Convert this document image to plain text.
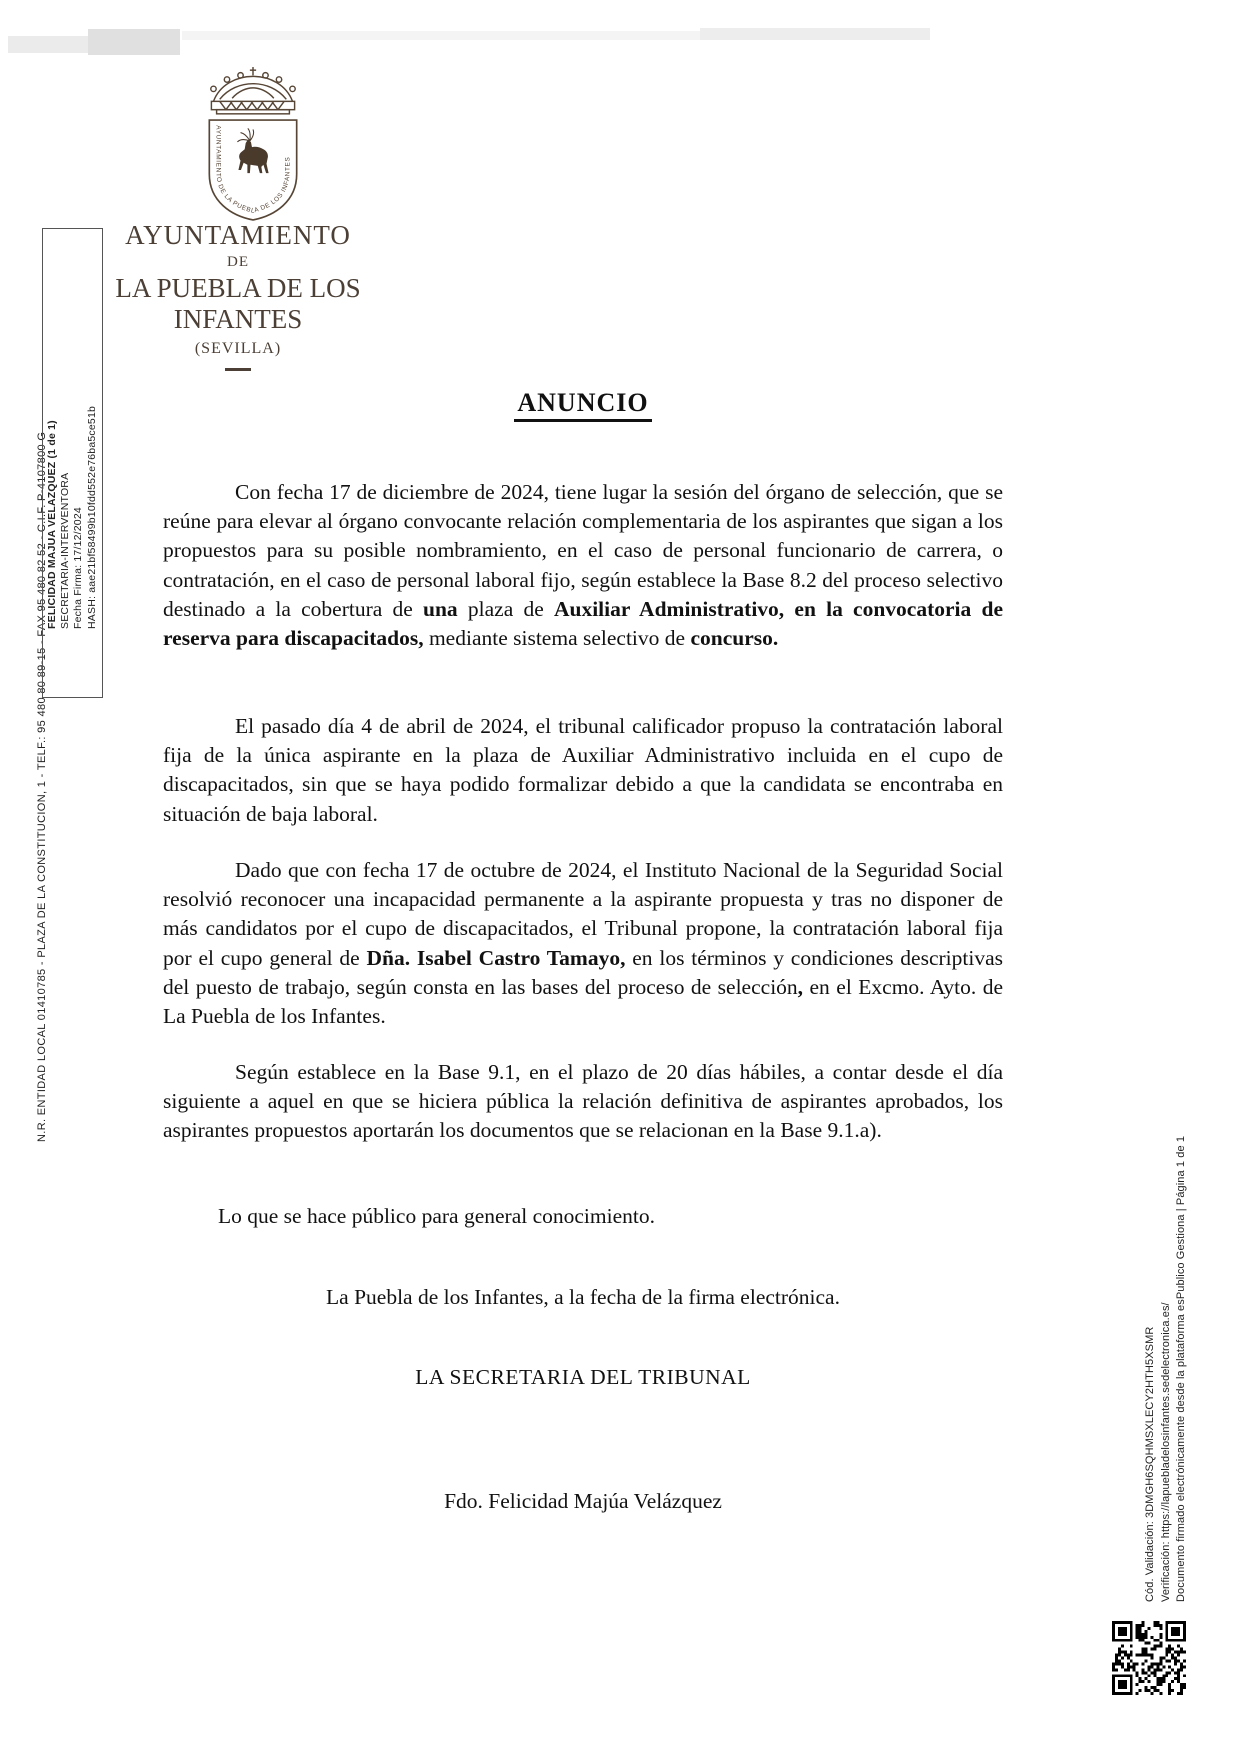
AYUNTAMIENTO DE LA PUEBLA DE LOS INFANTES
AYUNTAMIENTO
DE
LA PUEBLA DE LOS INFANTES
(SEVILLA)
N.R. ENTIDAD LOCAL 01410785 - PLAZA DE LA CONSTITUCION, 1 - TELF.: 95 480 80 89-15 - FAX 95 480 82 52 - C.I.F. P-4107800 G
FELICIDAD MAJUA VELAZQUEZ (1 de 1) SECRETARIA-INTERVENTORA Fecha Firma: 17/12/2024 HASH: aae21bf58499b10fdd552e76ba5ce51b
ANUNCIO

Con fecha 17 de diciembre de 2024, tiene lugar la sesión del órgano de selección, que se reúne para elevar al órgano convocante relación complementaria de los aspirantes que sigan a los propuestos para su posible nombramiento, en el caso de personal funcionario de carrera, o contratación, en el caso de personal laboral fijo, según establece la Base 8.2 del proceso selectivo destinado a la cobertura de una plaza de Auxiliar Administrativo, en la convocatoria de reserva para discapacitados, mediante sistema selectivo de concurso.

El pasado día 4 de abril de 2024, el tribunal calificador propuso la contratación laboral fija de la única aspirante en la plaza de Auxiliar Administrativo incluida en el cupo de discapacitados, sin que se haya podido formalizar debido a que la candidata se encontraba en situación de baja laboral.

Dado que con fecha 17 de octubre de 2024, el Instituto Nacional de la Seguridad Social resolvió reconocer una incapacidad permanente a la aspirante propuesta y tras no disponer de más candidatos por el cupo de discapacitados, el Tribunal propone, la contratación laboral fija por el cupo general de Dña. Isabel Castro Tamayo, en los términos y condiciones descriptivas del puesto de trabajo, según consta en las bases del proceso de selección, en el Excmo. Ayto. de La Puebla de los Infantes.

Según establece en la Base 9.1, en el plazo de 20 días hábiles, a contar desde el día siguiente a aquel en que se hiciera pública la relación definitiva de aspirantes aprobados, los aspirantes propuestos aportarán los documentos que se relacionan en la Base 9.1.a).

Lo que se hace público para general conocimiento.

La Puebla de los Infantes, a la fecha de la firma electrónica.

LA SECRETARIA DEL TRIBUNAL

Fdo. Felicidad Majúa Velázquez	Cód. Validación: 3DMGH6SQHMSXLECY2HTH5XSMR Verificación: https://lapuebladelosinfantes.sedelectronica.es/ Documento firmado electrónicamente desde la plataforma esPublico Gestiona | Página 1 de 1
